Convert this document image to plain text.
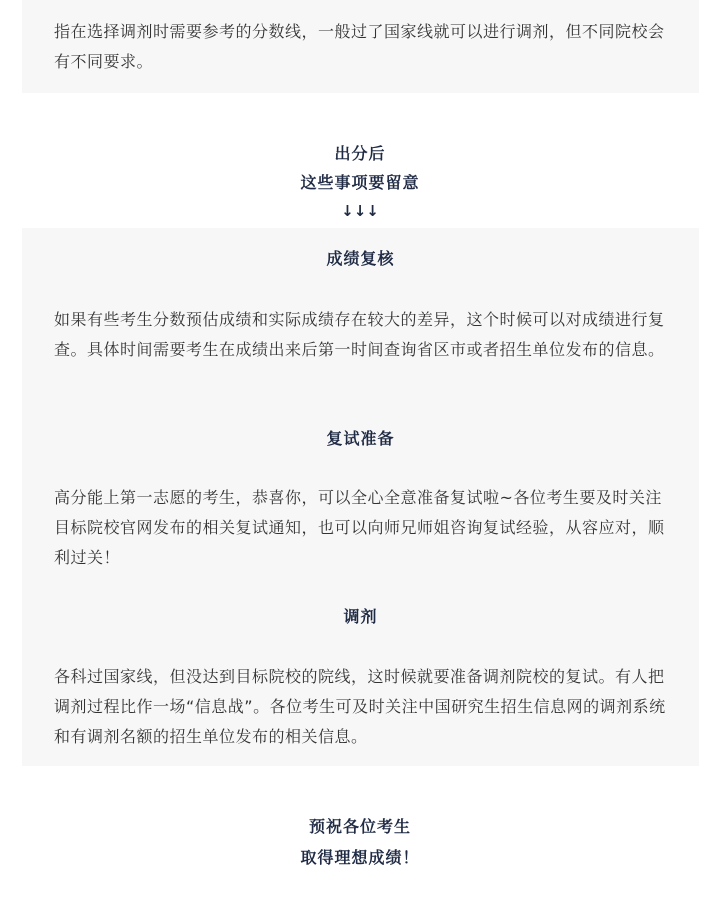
指在选择调剂时需要参考的分数线，一般过了国家线就可以进行调剂，但不同院校会有不同要求。

出分后
这些事项要留意
↓↓↓
成绩复核

如果有些考生分数预估成绩和实际成绩存在较大的差异，这个时候可以对成绩进行复查。具体时间需要考生在成绩出来后第一时间查询省区市或者招生单位发布的信息。

复试准备

高分能上第一志愿的考生，恭喜你，可以全心全意准备复试啦~各位考生要及时关注目标院校官网发布的相关复试通知，也可以向师兄师姐咨询复试经验，从容应对，顺利过关！

调剂

各科过国家线，但没达到目标院校的院线，这时候就要准备调剂院校的复试。有人把调剂过程比作一场“信息战”。各位考生可及时关注中国研究生招生信息网的调剂系统和有调剂名额的招生单位发布的相关信息。

预祝各位考生
取得理想成绩！
